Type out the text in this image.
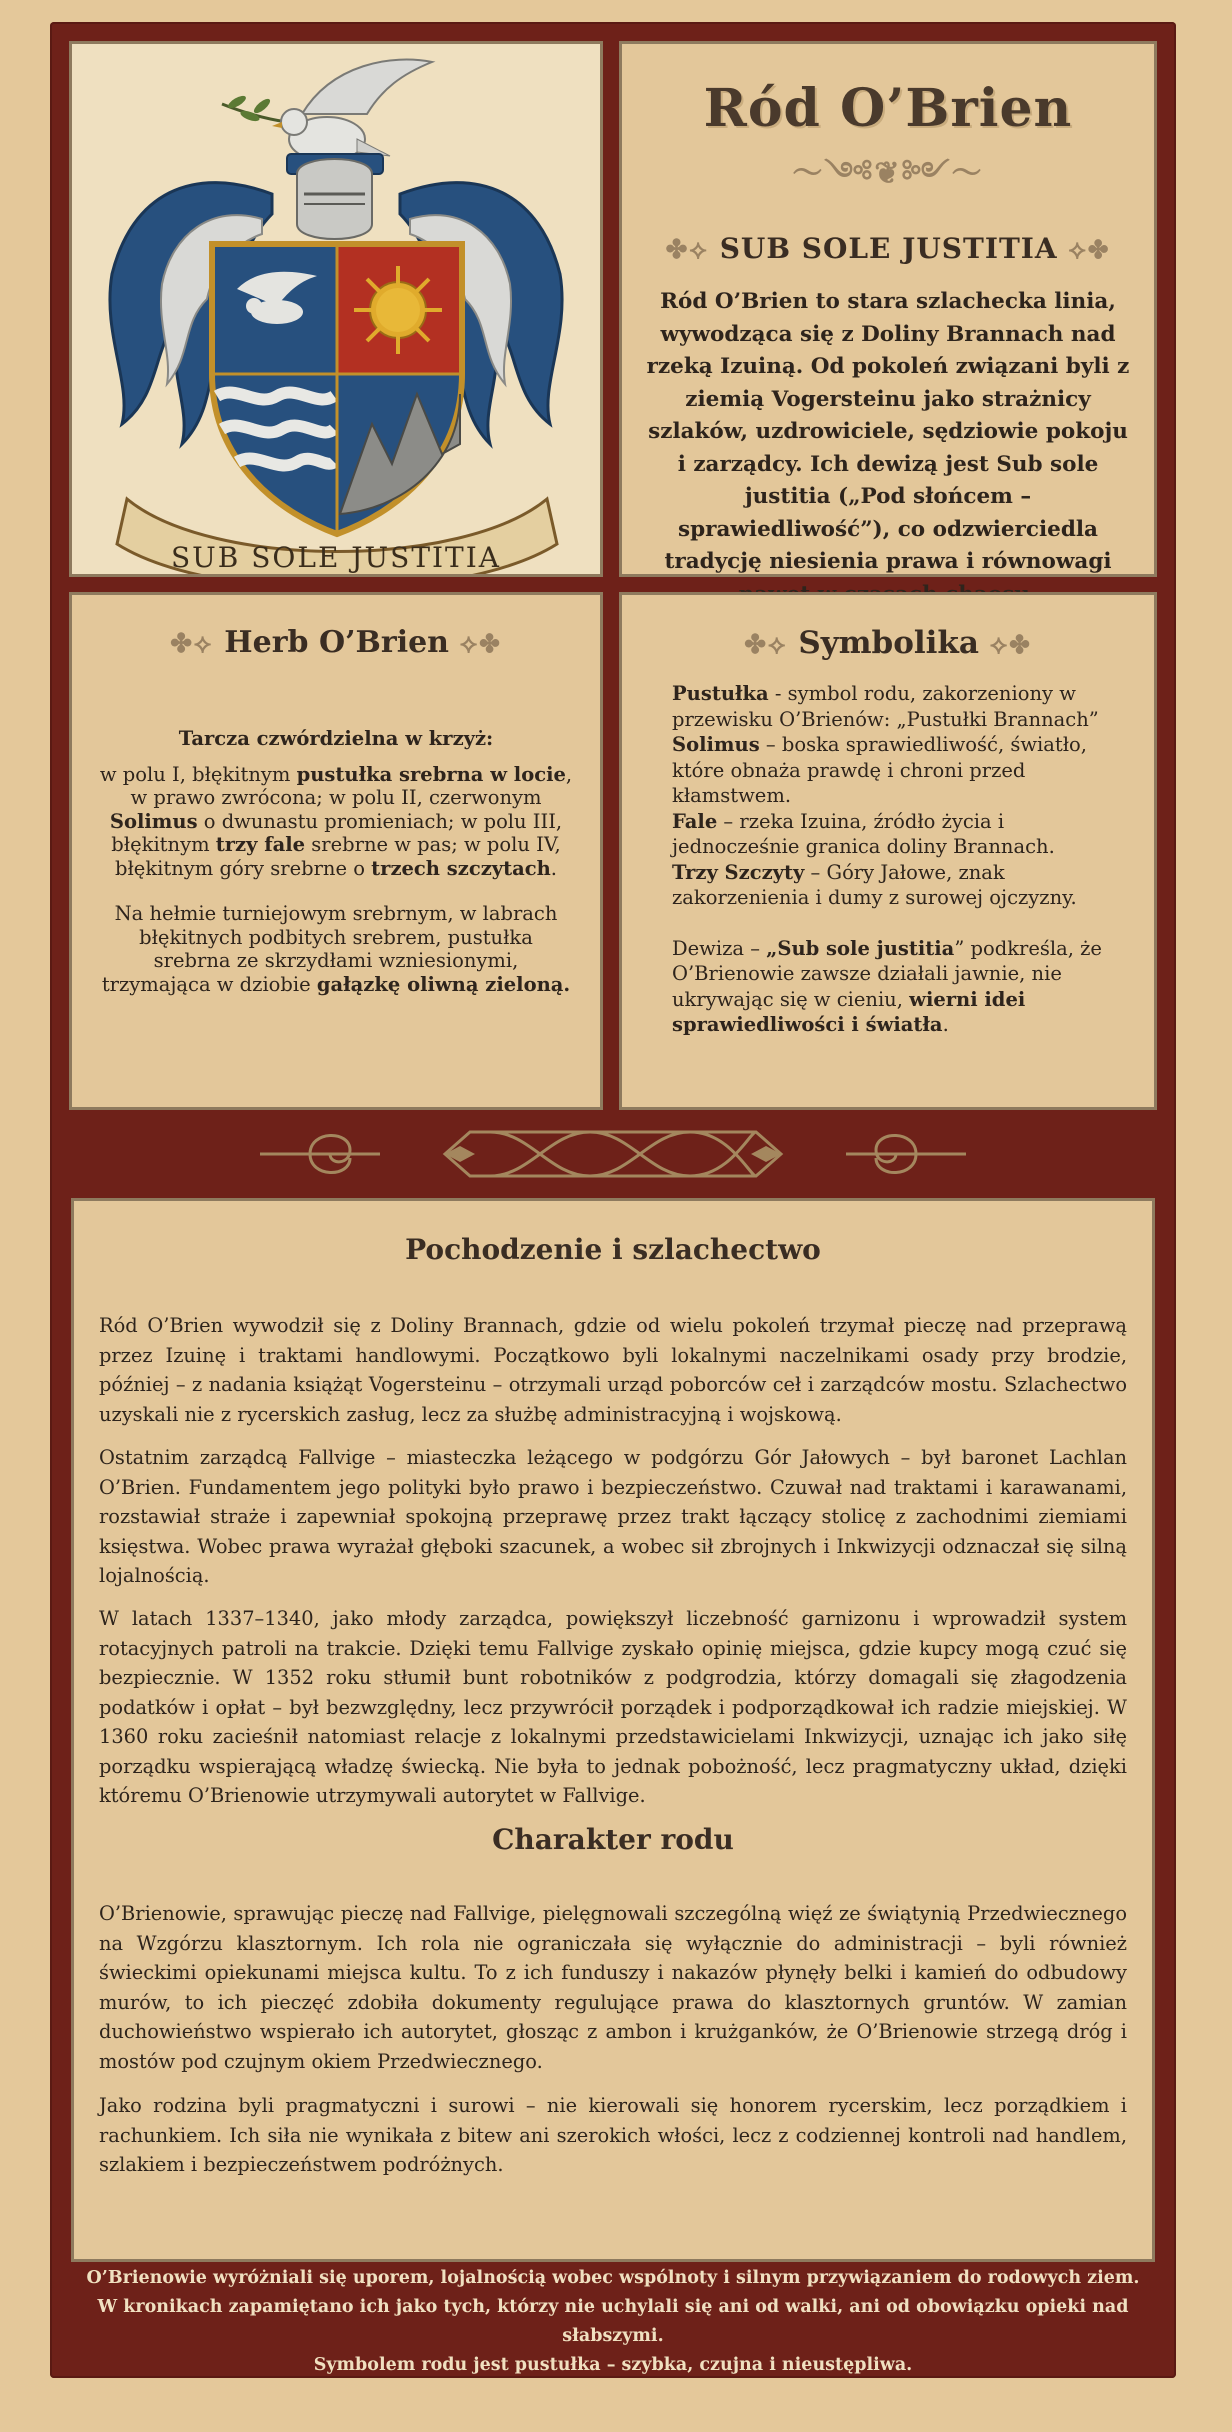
SUB SOLE JUSTITIA
Ród O’Brien
〜༺❦༻〜
✤⟡ SUB SOLE JUSTITIA ⟡✤
Ród O’Brien to stara szlachecka linia, wywodząca się z Doliny Brannach nad rzeką Izuiną. Od pokoleń związani byli z ziemią Vogersteinu jako strażnicy szlaków, uzdrowiciele, sędziowie pokoju i zarządcy. Ich dewizą jest Sub sole justitia („Pod słońcem – sprawiedliwość”), co odzwierciedla tradycję niesienia prawa i równowagi
✤⟡ Herb O’Brien ⟡✤
Tarcza czwórdzielna w krzyż:
w polu I, błękitnym pustułka srebrna w locie, w prawo zwrócona; w polu II, czerwonym Solimus o dwunastu promieniach; w polu III, błękitnym trzy fale srebrne w pas; w polu IV, błękitnym góry srebrne o trzech szczytach.
Na hełmie turniejowym srebrnym, w labrach błękitnych podbitych srebrem, pustułka srebrna ze skrzydłami wzniesionymi, trzymająca w dziobie gałązkę oliwną zieloną.
✤⟡ Symbolika ⟡✤
Pustułka - symbol rodu, zakorzeniony w przewisku O’Brienów: „Pustułki Brannach”
Solimus – boska sprawiedliwość, światło, które obnaża prawdę i chroni przed kłamstwem.
Fale – rzeka Izuina, źródło życia i jednocześnie granica doliny Brannach.
Trzy Szczyty – Góry Jałowe, znak zakorzenienia i dumy z surowej ojczyzny.
Dewiza – „Sub sole justitia” podkreśla, że O’Brienowie zawsze działali jawnie, nie ukrywając się w cieniu, wierni idei sprawiedliwości i światła.
Pochodzenie i szlachectwo
Ród O’Brien wywodził się z Doliny Brannach, gdzie od wielu pokoleń trzymał pieczę nad przeprawą przez Izuinę i traktami handlowymi. Początkowo byli lokalnymi naczelnikami osady przy brodzie, później – z nadania książąt Vogersteinu – otrzymali urząd poborców ceł i zarządców mostu. Szlachectwo uzyskali nie z rycerskich zasług, lecz za służbę administracyjną i wojskową.
Ostatnim zarządcą Fallvige – miasteczka leżącego w podgórzu Gór Jałowych – był baronet Lachlan O’Brien. Fundamentem jego polityki było prawo i bezpieczeństwo. Czuwał nad traktami i karawanami, rozstawiał straże i zapewniał spokojną przeprawę przez trakt łączący stolicę z zachodnimi ziemiami księstwa. Wobec prawa wyrażał głęboki szacunek, a wobec sił zbrojnych i Inkwizycji odznaczał się silną lojalnością.
W latach 1337–1340, jako młody zarządca, powiększył liczebność garnizonu i wprowadził system rotacyjnych patroli na trakcie. Dzięki temu Fallvige zyskało opinię miejsca, gdzie kupcy mogą czuć się bezpiecznie. W 1352 roku stłumił bunt robotników z podgrodzia, którzy domagali się złagodzenia podatków i opłat – był bezwzględny, lecz przywrócił porządek i podporządkował ich radzie miejskiej. W 1360 roku zacieśnił natomiast relacje z lokalnymi przedstawicielami Inkwizycji, uznając ich jako siłę porządku wspierającą władzę świecką. Nie była to jednak pobożność, lecz pragmatyczny układ, dzięki któremu O’Brienowie utrzymywali autorytet w Fallvige.
Charakter rodu
O’Brienowie, sprawując pieczę nad Fallvige, pielęgnowali szczególną więź ze świątynią Przedwiecznego na Wzgórzu klasztornym. Ich rola nie ograniczała się wyłącznie do administracji – byli również świeckimi opiekunami miejsca kultu. To z ich funduszy i nakazów płynęły belki i kamień do odbudowy murów, to ich pieczęć zdobiła dokumenty regulujące prawa do klasztornych gruntów. W zamian duchowieństwo wspierało ich autorytet, głosząc z ambon i krużganków, że O’Brienowie strzegą dróg i mostów pod czujnym okiem Przedwiecznego.
Jako rodzina byli pragmatyczni i surowi – nie kierowali się honorem rycerskim, lecz porządkiem i rachunkiem. Ich siła nie wynikała z bitew ani szerokich włości, lecz z codziennej kontroli nad handlem, szlakiem i bezpieczeństwem podróżnych.
O’Brienowie wyróżniali się uporem, lojalnością wobec wspólnoty i silnym przywiązaniem do rodowych ziem.
W kronikach zapamiętano ich jako tych, którzy nie uchylali się ani od walki, ani od obowiązku opieki nad słabszymi.
Symbolem rodu jest pustułka – szybka, czujna i nieustępliwa.
